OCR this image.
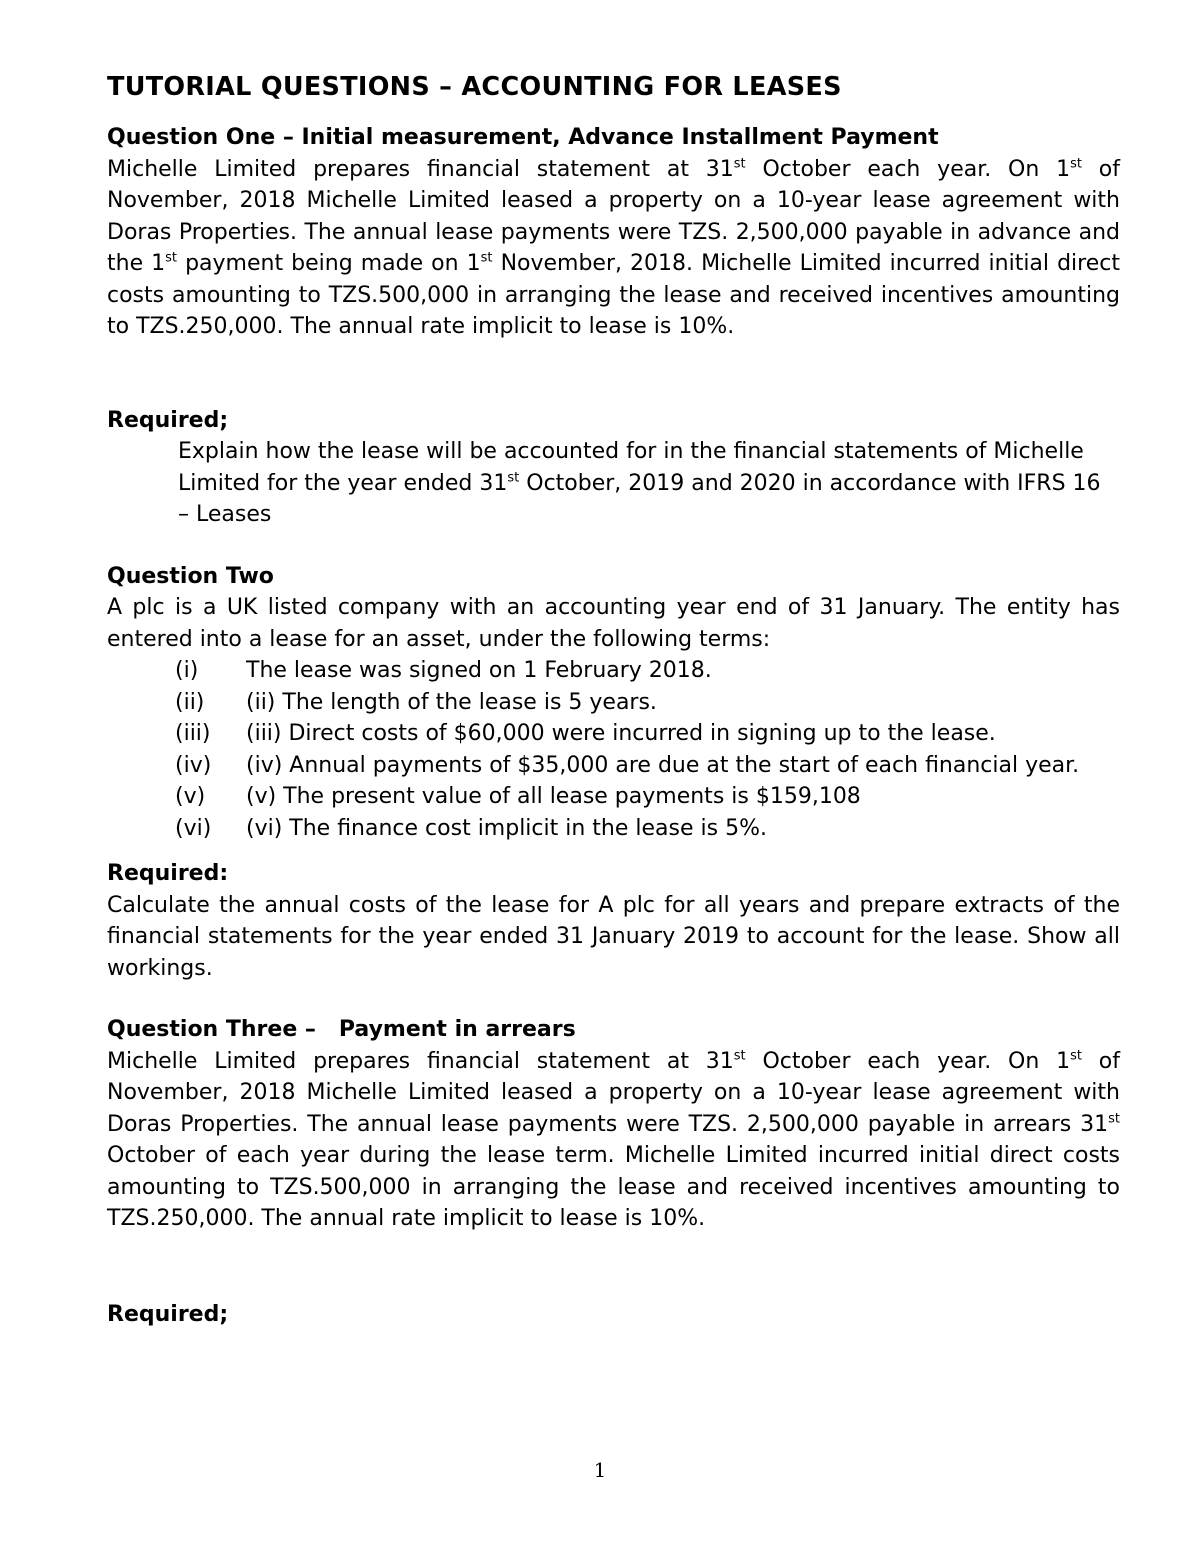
TUTORIAL QUESTIONS – ACCOUNTING FOR LEASES

Question One – Initial measurement, Advance Installment Payment

Michelle Limited prepares financial statement at 31st October each year. On 1st of November, 2018 Michelle Limited leased a property on a 10-year lease agreement with Doras Properties. The annual lease payments were TZS. 2,500,000 payable in advance and the 1st payment being made on 1st November, 2018. Michelle Limited incurred initial direct costs amounting to TZS.500,000 in arranging the lease and received incentives amounting to TZS.250,000. The annual rate implicit to lease is 10%.

Required;

Explain how the lease will be accounted for in the financial statements of Michelle Limited for the year ended 31st October, 2019 and 2020 in accordance with IFRS 16 – Leases

Question Two

A plc is a UK listed company with an accounting year end of 31 January. The entity has entered into a lease for an asset, under the following terms:

(i)	The lease was signed on 1 February 2018.
(ii)	(ii) The length of the lease is 5 years.
(iii)	(iii) Direct costs of $60,000 were incurred in signing up to the lease.
(iv)	(iv) Annual payments of $35,000 are due at the start of each financial year.
(v)	(v) The present value of all lease payments is $159,108
(vi)	(vi) The finance cost implicit in the lease is 5%.

Required:

Calculate the annual costs of the lease for A plc for all years and prepare extracts of the financial statements for the year ended 31 January 2019 to account for the lease. Show all workings.

Question Three –   Payment in arrears

Michelle Limited prepares financial statement at 31st October each year. On 1st of November, 2018 Michelle Limited leased a property on a 10-year lease agreement with Doras Properties. The annual lease payments were TZS. 2,500,000 payable in arrears 31st October of each year during the lease term. Michelle Limited incurred initial direct costs amounting to TZS.500,000 in arranging the lease and received incentives amounting to TZS.250,000. The annual rate implicit to lease is 10%.

Required;

1
